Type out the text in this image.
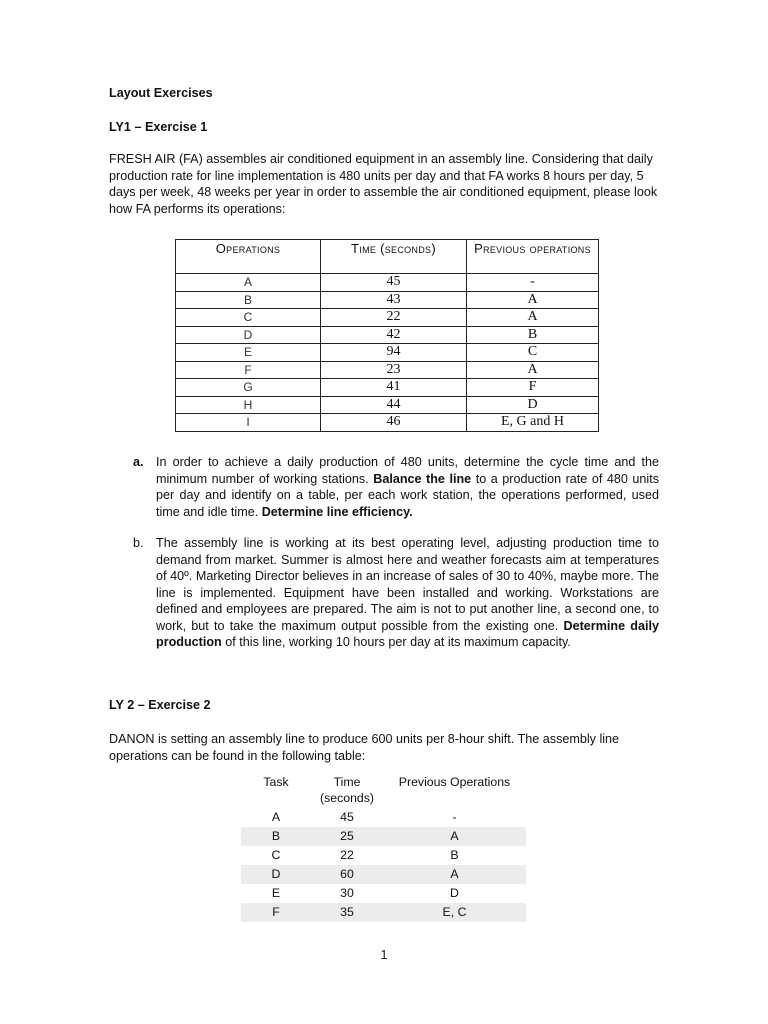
Layout Exercises
LY1 – Exercise 1
FRESH AIR (FA) assembles air conditioned equipment in an assembly line. Considering that daily production rate for line implementation is 480 units per day and that FA works 8 hours per day, 5 days per week, 48 weeks per year in order to assemble the air conditioned equipment, please look how FA performs its operations:
Operations	Time (seconds)	Previous operations
A	45	-
B	43	A
C	22	A
D	42	B
E	94	C
F	23	A
G	41	F
H	44	D
I	46	E, G and H
a. In order to achieve a daily production of 480 units, determine the cycle time and the minimum number of working stations. Balance the line to a production rate of 480 units per day and identify on a table, per each work station, the operations performed, used time and idle time. Determine line efficiency.
b. The assembly line is working at its best operating level, adjusting production time to demand from market. Summer is almost here and weather forecasts aim at temperatures of 40º. Marketing Director believes in an increase of sales of 30 to 40%, maybe more. The line is implemented. Equipment have been installed and working. Workstations are defined and employees are prepared. The aim is not to put another line, a second one, to work, but to take the maximum output possible from the existing one. Determine daily production of this line, working 10 hours per day at its maximum capacity.
LY 2 – Exercise 2
DANON is setting an assembly line to produce 600 units per 8-hour shift. The assembly line operations can be found in the following table:
Task	Time (seconds)	Previous Operations
A	45	-
B	25	A
C	22	B
D	60	A
E	30	D
F	35	E, C
1
